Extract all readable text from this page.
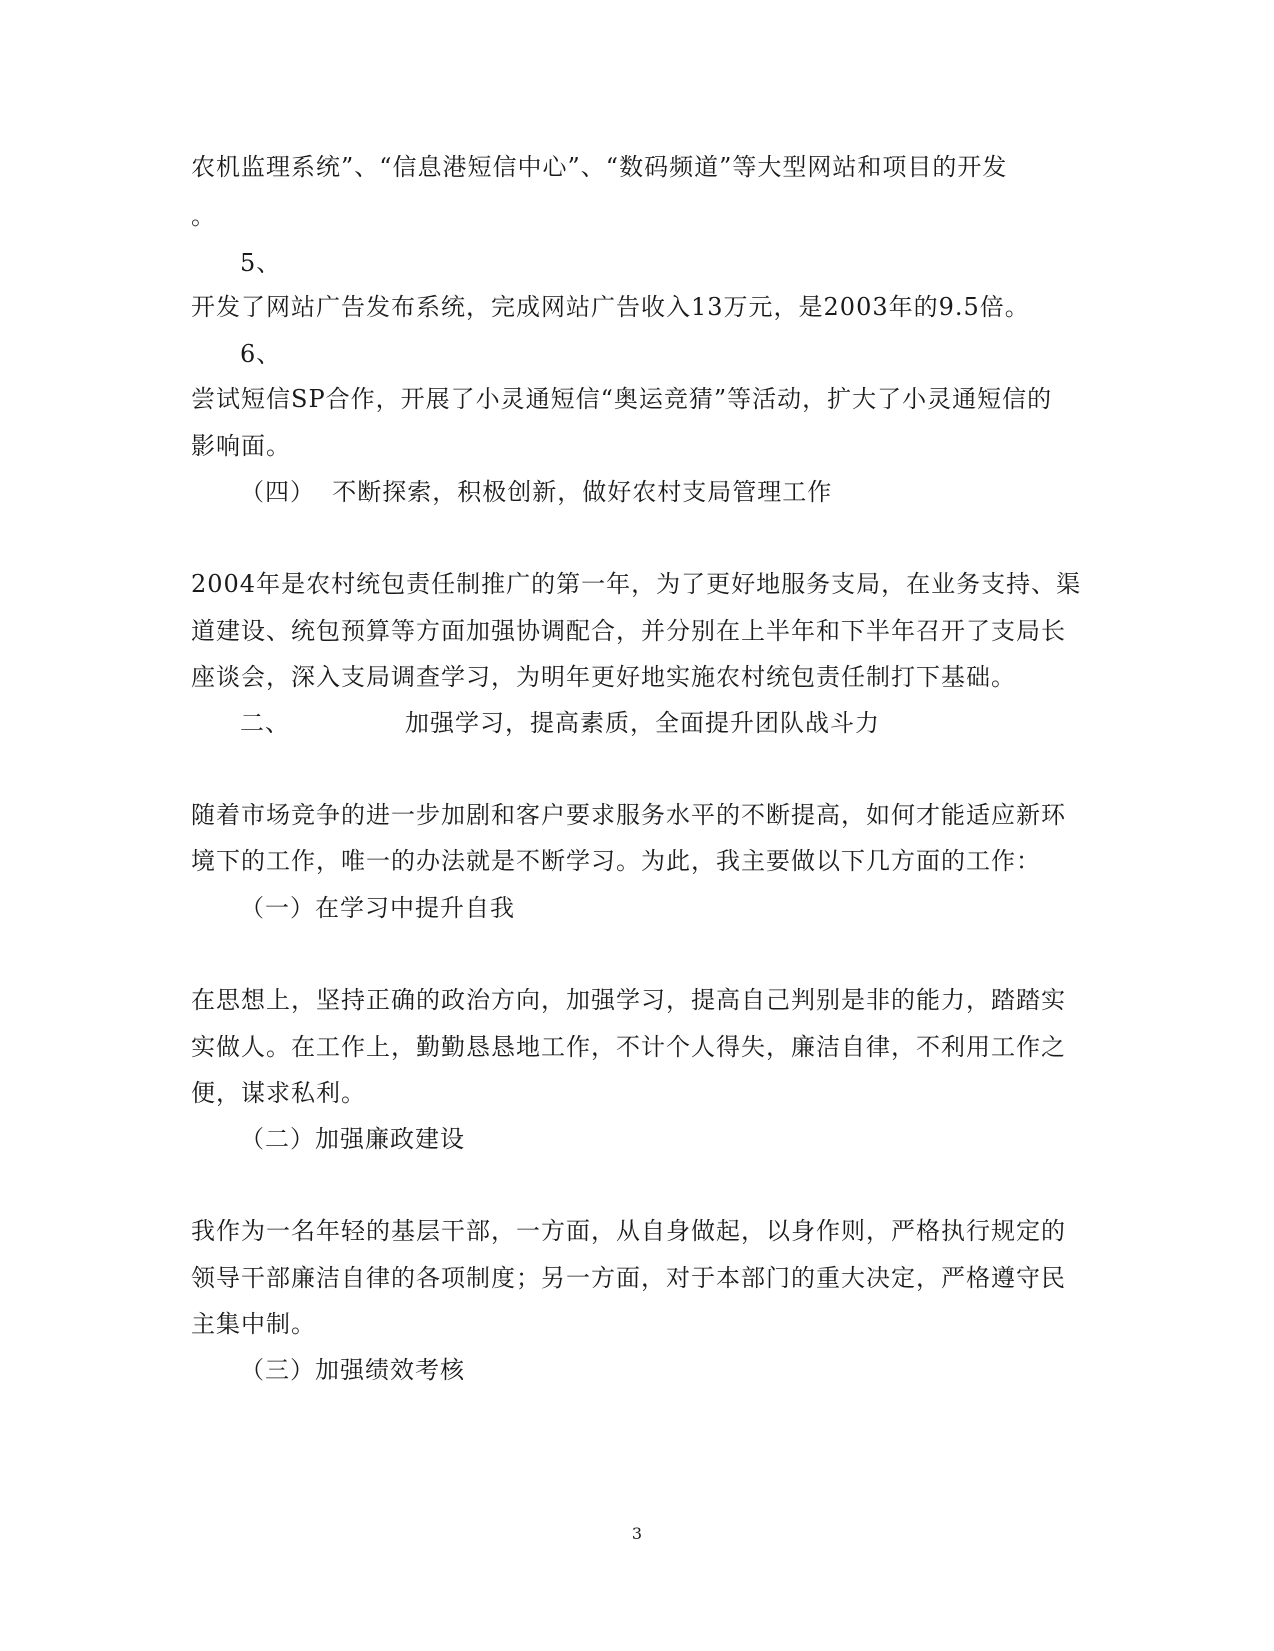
农机监理系统”、“信息港短信中心”、“数码频道”等大型网站和项目的开发
。
5、
开发了网站广告发布系统，完成网站广告收入13万元，是2003年的9.5倍。
6、
尝试短信SP合作，开展了小灵通短信“奥运竞猜”等活动，扩大了小灵通短信的
影响面。
（四）  不断探索，积极创新，做好农村支局管理工作
2004年是农村统包责任制推广的第一年，为了更好地服务支局，在业务支持、渠
道建设、统包预算等方面加强协调配合，并分别在上半年和下半年召开了支局长
座谈会，深入支局调查学习，为明年更好地实施农村统包责任制打下基础。
二、	加强学习，提高素质，全面提升团队战斗力
随着市场竞争的进一步加剧和客户要求服务水平的不断提高，如何才能适应新环
境下的工作，唯一的办法就是不断学习。为此，我主要做以下几方面的工作：
（一）在学习中提升自我
在思想上，坚持正确的政治方向，加强学习，提高自己判别是非的能力，踏踏实
实做人。在工作上，勤勤恳恳地工作，不计个人得失，廉洁自律，不利用工作之
便，谋求私利。
（二）加强廉政建设
我作为一名年轻的基层干部，一方面，从自身做起，以身作则，严格执行规定的
领导干部廉洁自律的各项制度；另一方面，对于本部门的重大决定，严格遵守民
主集中制。
（三）加强绩效考核
3
